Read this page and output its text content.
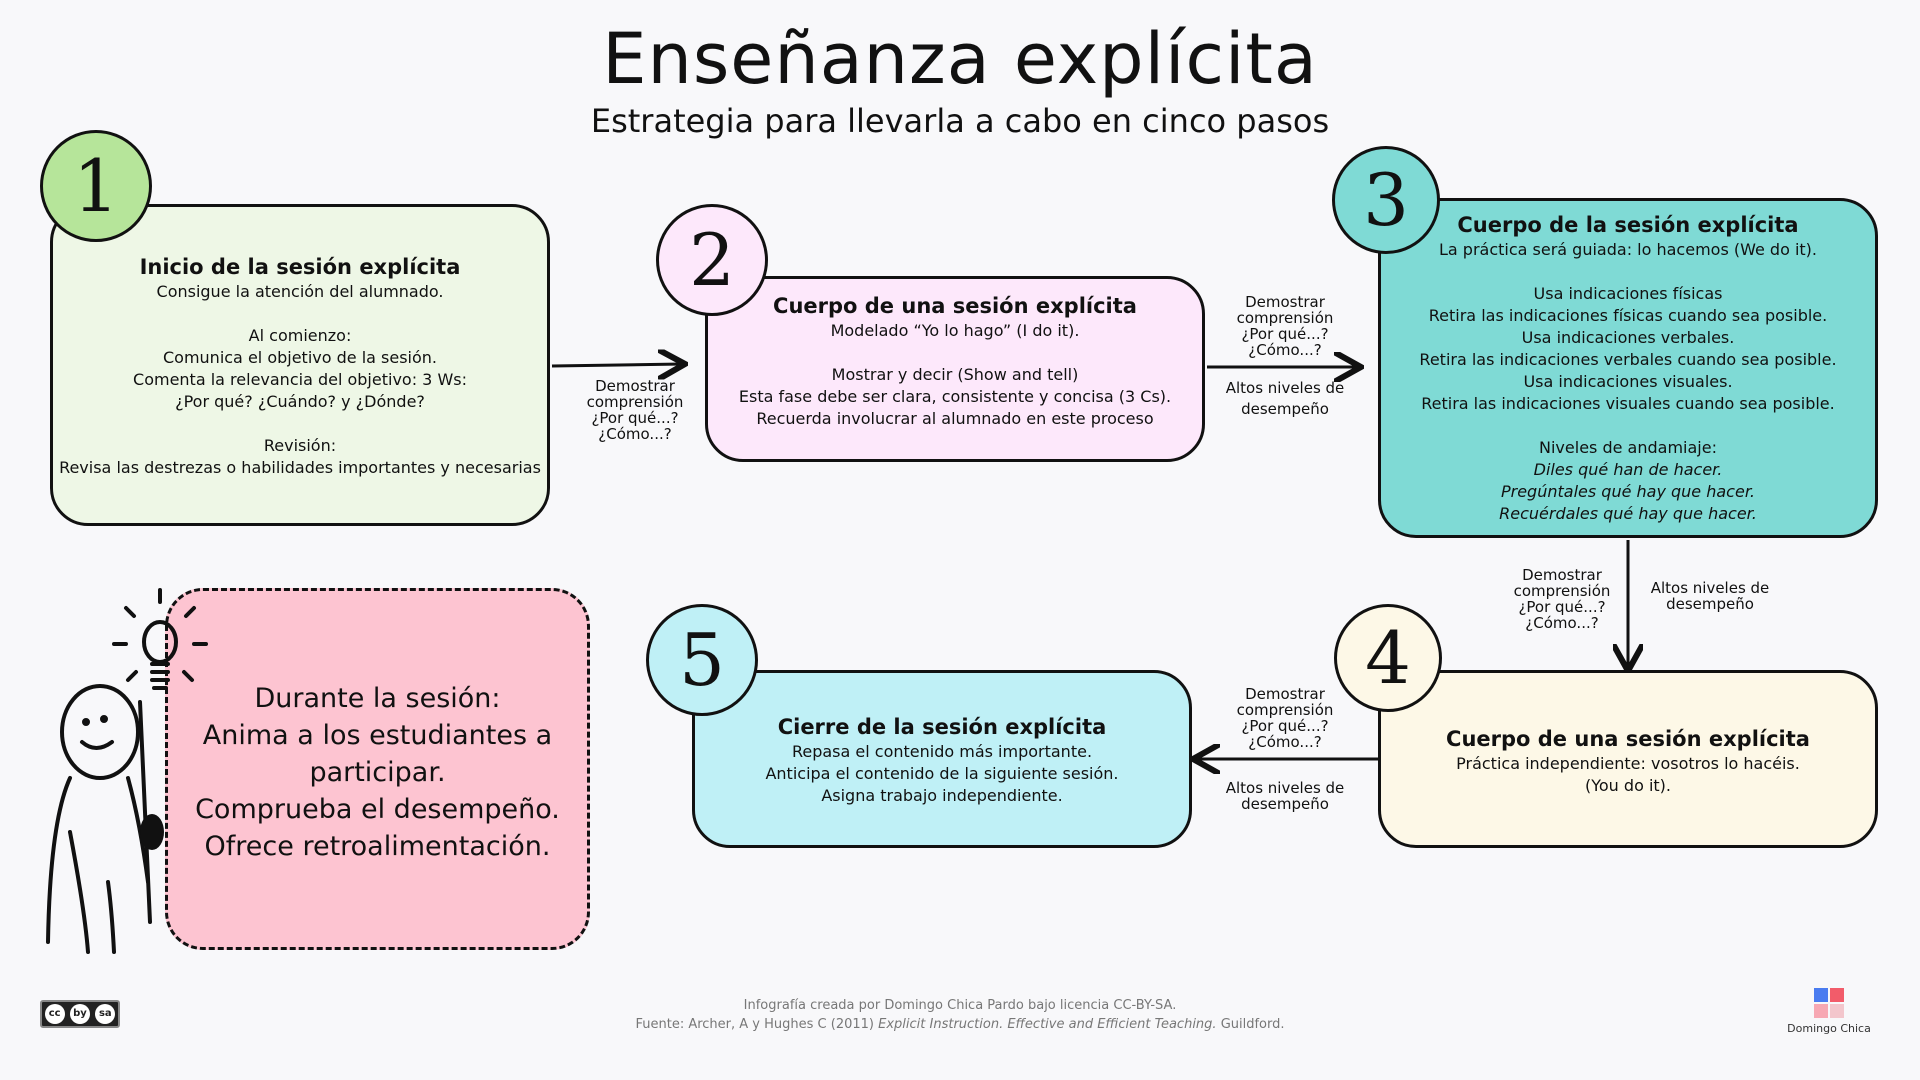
Enseñanza explícita
Estrategia para llevarla a cabo en cinco pasos
Inicio de la sesión explícita
Consigue la atención del alumnado.
Al comienzo:
Comunica el objetivo de la sesión.
Comenta la relevancia del objetivo: 3 Ws:
¿Por qué? ¿Cuándo? y ¿Dónde?
Revisión:
Revisa las destrezas o habilidades importantes y necesarias
Cuerpo de una sesión explícita
Modelado “Yo lo hago” (I do it).
Mostrar y decir (Show and tell)
Esta fase debe ser clara, consistente y concisa (3 Cs).
Recuerda involucrar al alumnado en este proceso
Cuerpo de la sesión explícita
La práctica será guiada: lo hacemos (We do it).
Usa indicaciones físicas
Retira las indicaciones físicas cuando sea posible.
Usa indicaciones verbales.
Retira las indicaciones verbales cuando sea posible.
Usa indicaciones visuales.
Retira las indicaciones visuales cuando sea posible.
Niveles de andamiaje:
Diles qué han de hacer.
Pregúntales qué hay que hacer.
Recuérdales qué hay que hacer.
Cuerpo de una sesión explícita
Práctica independiente: vosotros lo hacéis.
(You do it).
Cierre de la sesión explícita
Repasa el contenido más importante.
Anticipa el contenido de la siguiente sesión.
Asigna trabajo independiente.
Durante la sesión:
Anima a los estudiantes a
participar.
Comprueba el desempeño.
Ofrece retroalimentación.
1
2
3
4
5
Demostrar
comprensión
¿Por qué...?
¿Cómo...?
Demostrar
comprensión
¿Por qué...?
¿Cómo...?
Altos niveles de
desempeño
Demostrar
comprensión
¿Por qué...?
¿Cómo...?
Altos niveles de
desempeño
Demostrar
comprensión
¿Por qué...?
¿Cómo...?
Altos niveles de
desempeño
cc	by	sa
Infografía creada por Domingo Chica Pardo bajo licencia CC-BY-SA.
Fuente: Archer, A y Hughes C (2011) Explicit Instruction. Effective and Efficient Teaching. Guildford.	Domingo Chica
